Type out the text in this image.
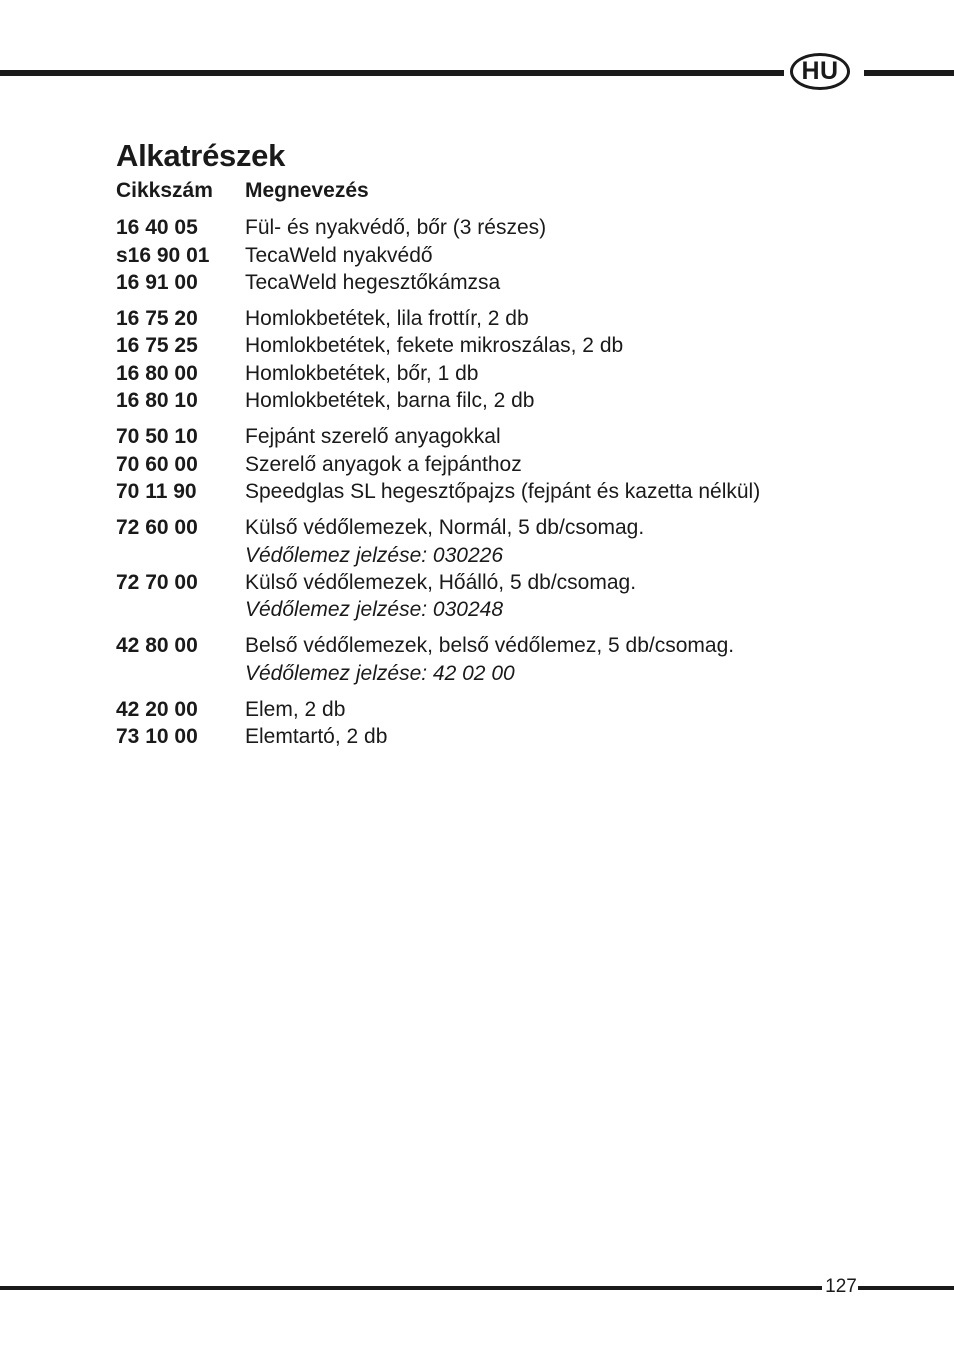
HU
Alkatrészek
Cikkszám	Megnevezés
16 40 05	Fül- és nyakvédő, bőr (3 részes)
s16 90 01	TecaWeld nyakvédő
16 91 00	TecaWeld hegesztőkámzsa
16 75 20	Homlokbetétek, lila frottír, 2 db
16 75 25	Homlokbetétek, fekete mikroszálas, 2 db
16 80 00	Homlokbetétek, bőr, 1 db
16 80 10	Homlokbetétek, barna filc, 2 db
70 50 10	Fejpánt szerelő anyagokkal
70 60 00	Szerelő anyagok a fejpánthoz
70 11 90	Speedglas SL hegesztőpajzs (fejpánt és kazetta nélkül)
72 60 00	Külső védőlemezek, Normál, 5 db/csomag.
Védőlemez jelzése: 030226
72 70 00	Külső védőlemezek, Hőálló, 5 db/csomag.
Védőlemez jelzése: 030248
42 80 00	Belső védőlemezek, belső védőlemez, 5 db/csomag.
Védőlemez jelzése: 42 02 00
42 20 00	Elem, 2 db
73 10 00	Elemtartó, 2 db
127
